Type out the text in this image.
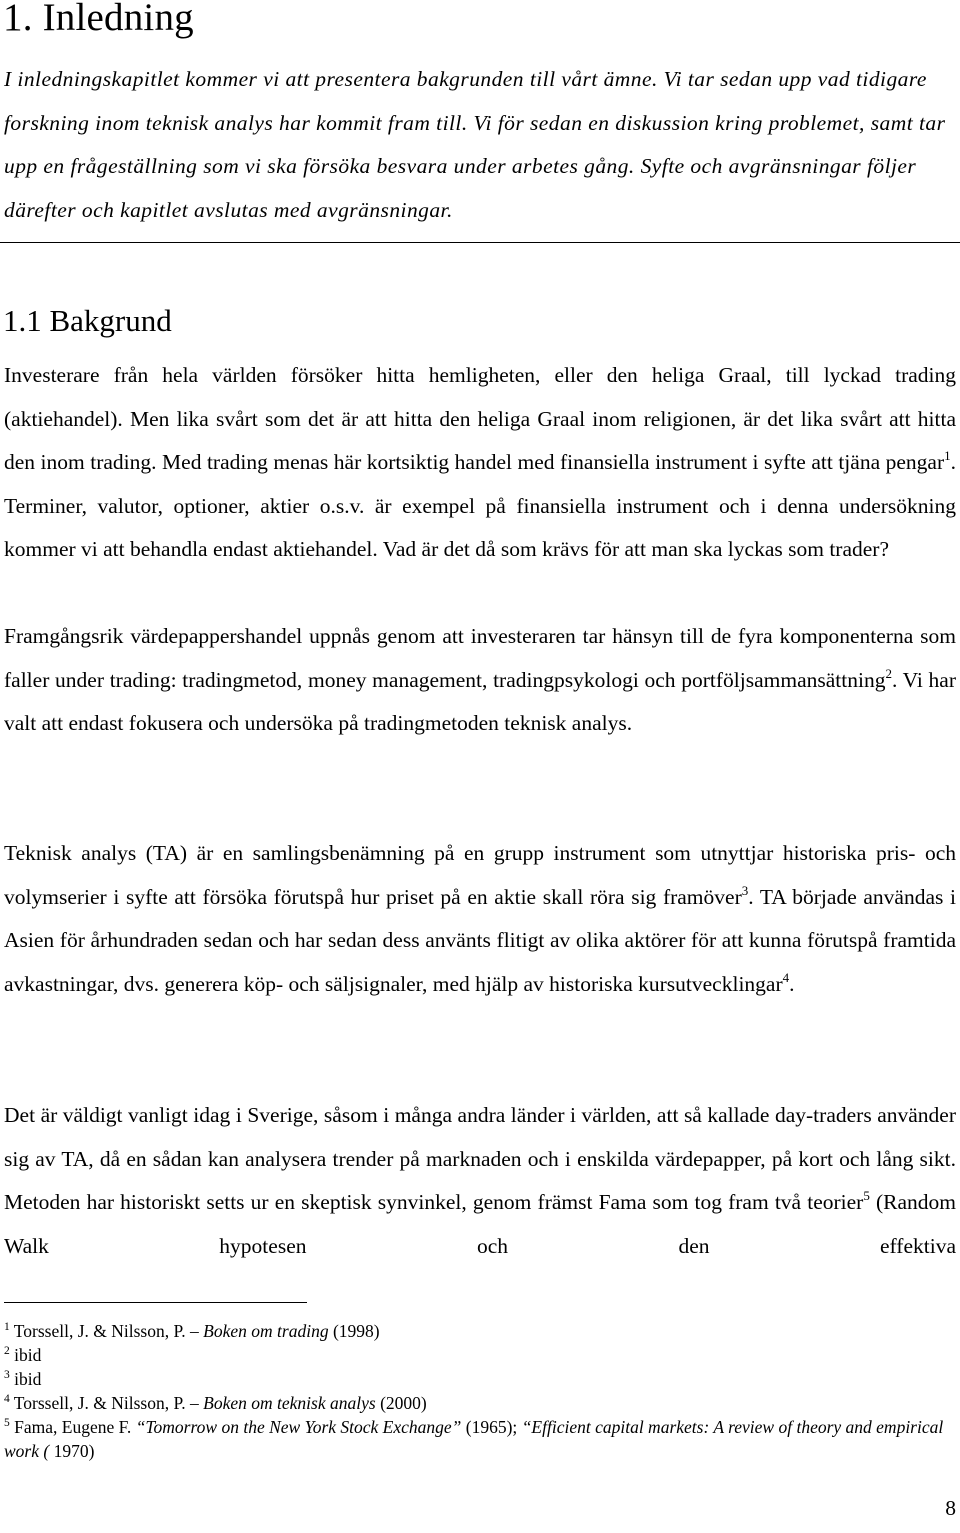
1. Inledning

I inledningskapitlet kommer vi att presentera bakgrunden till vårt ämne. Vi tar sedan upp vad tidigare forskning inom teknisk analys har kommit fram till. Vi för sedan en diskussion kring problemet, samt tar upp en frågeställning som vi ska försöka besvara under arbetes gång. Syfte och avgränsningar följer därefter och kapitlet avslutas med avgränsningar.

1.1 Bakgrund

Investerare från hela världen försöker hitta hemligheten, eller den heliga Graal, till lyckad trading (aktiehandel). Men lika svårt som det är att hitta den heliga Graal inom religionen, är det lika svårt att hitta den inom trading. Med trading menas här kortsiktig handel med finansiella instrument i syfte att tjäna pengar$^1$. Terminer, valutor, optioner, aktier o.s.v. är exempel på finansiella instrument och i denna undersökning kommer vi att behandla endast aktiehandel. Vad är det då som krävs för att man ska lyckas som trader?

Framgångsrik värdepappershandel uppnås genom att investeraren tar hänsyn till de fyra komponenterna som faller under trading: tradingmetod, money management, tradingpsykologi och portföljsammansättning$^2$. Vi har valt att endast fokusera och undersöka på tradingmetoden teknisk analys.

Teknisk analys (TA) är en samlingsbenämning på en grupp instrument som utnyttjar historiska pris- och volymserier i syfte att försöka förutspå hur priset på en aktie skall röra sig framöver$^3$. TA började användas i Asien för århundraden sedan och har sedan dess använts flitigt av olika aktörer för att kunna förutspå framtida avkastningar, dvs. generera köp- och säljsignaler, med hjälp av historiska kursutvecklingar$^4$.

Det är väldigt vanligt idag i Sverige, såsom i många andra länder i världen, att så kallade day-traders använder sig av TA, då en sådan kan analysera trender på marknaden och i enskilda värdepapper, på kort och lång sikt. Metoden har historiskt setts ur en skeptisk synvinkel, genom främst Fama som tog fram två teorier$^5$ (Random Walk hypotesen och den effektiva

$^1$ Torssell, J. & Nilsson, P. – Boken om trading (1998)
$^2$ ibid
$^3$ ibid
$^4$ Torssell, J. & Nilsson, P. – Boken om teknisk analys (2000)
$^5$ Fama, Eugene F. “Tomorrow on the New York Stock Exchange” (1965); “Efficient capital markets: A review of theory and empirical work ( 1970)
8
